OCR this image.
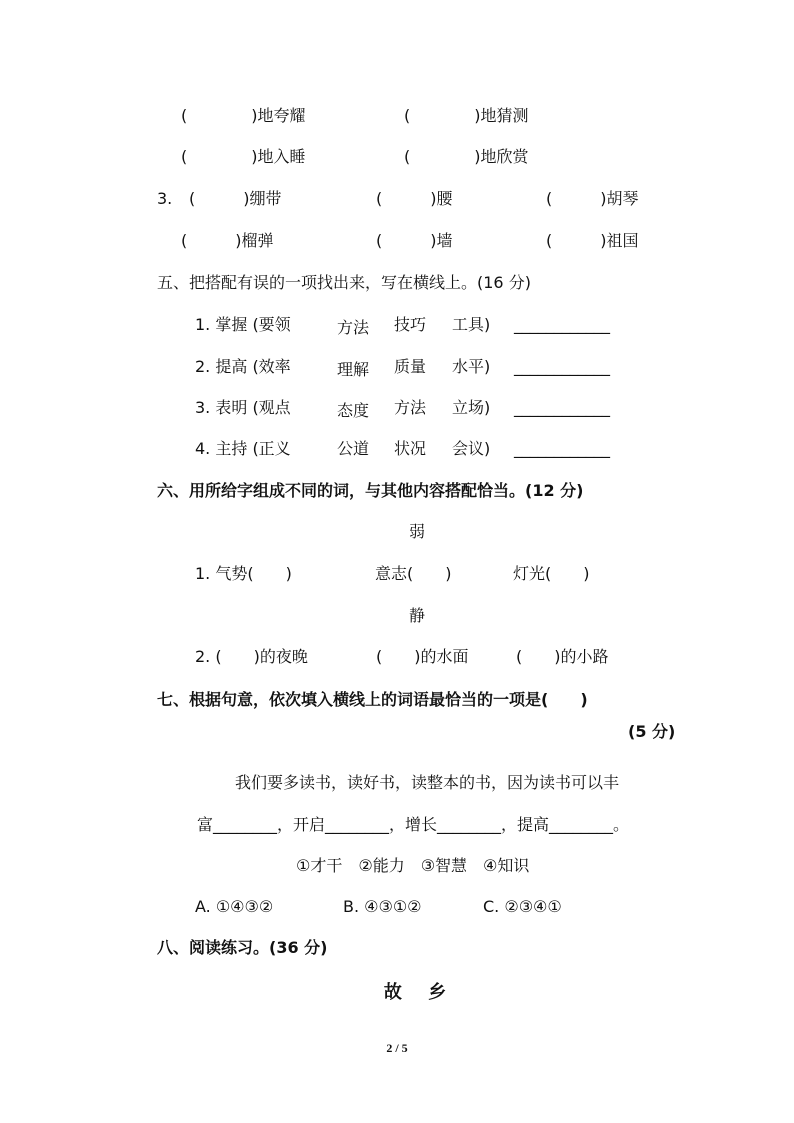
(　　　　)地夸耀	(　　　　)地猜测
(　　　　)地入睡	(　　　　)地欣赏
3. (　　　)绷带	(　　　)腰	(　　　)胡琴
(　　　)榴弹	(　　　)墙	(　　　)祖国
五、把搭配有误的一项找出来，写在横线上。(16 分)
1. 掌握 (要领	方法 技巧 工具) ____________
2. 提高 (效率	理解 质量 水平) ____________
3. 表明 (观点	态度 方法 立场) ____________
4. 主持 (正义	公道 状况 会议) ____________
六、用所给字组成不同的词，与其他内容搭配恰当。(12 分)
弱
1. 气势(　　)	意志(　　)	灯光(　　)
静
2. (　　)的夜晚	(　　)的水面	(　　)的小路
七、根据句意，依次填入横线上的词语最恰当的一项是(　　)
(5 分)
我们要多读书，读好书，读整本的书，因为读书可以丰
富________，开启________，增长________，提高________。
①才干　②能力　③智慧　④知识
A. ①④③②	B. ④③①②	C. ②③④①
八、阅读练习。(36 分)
故 乡
2 / 5
